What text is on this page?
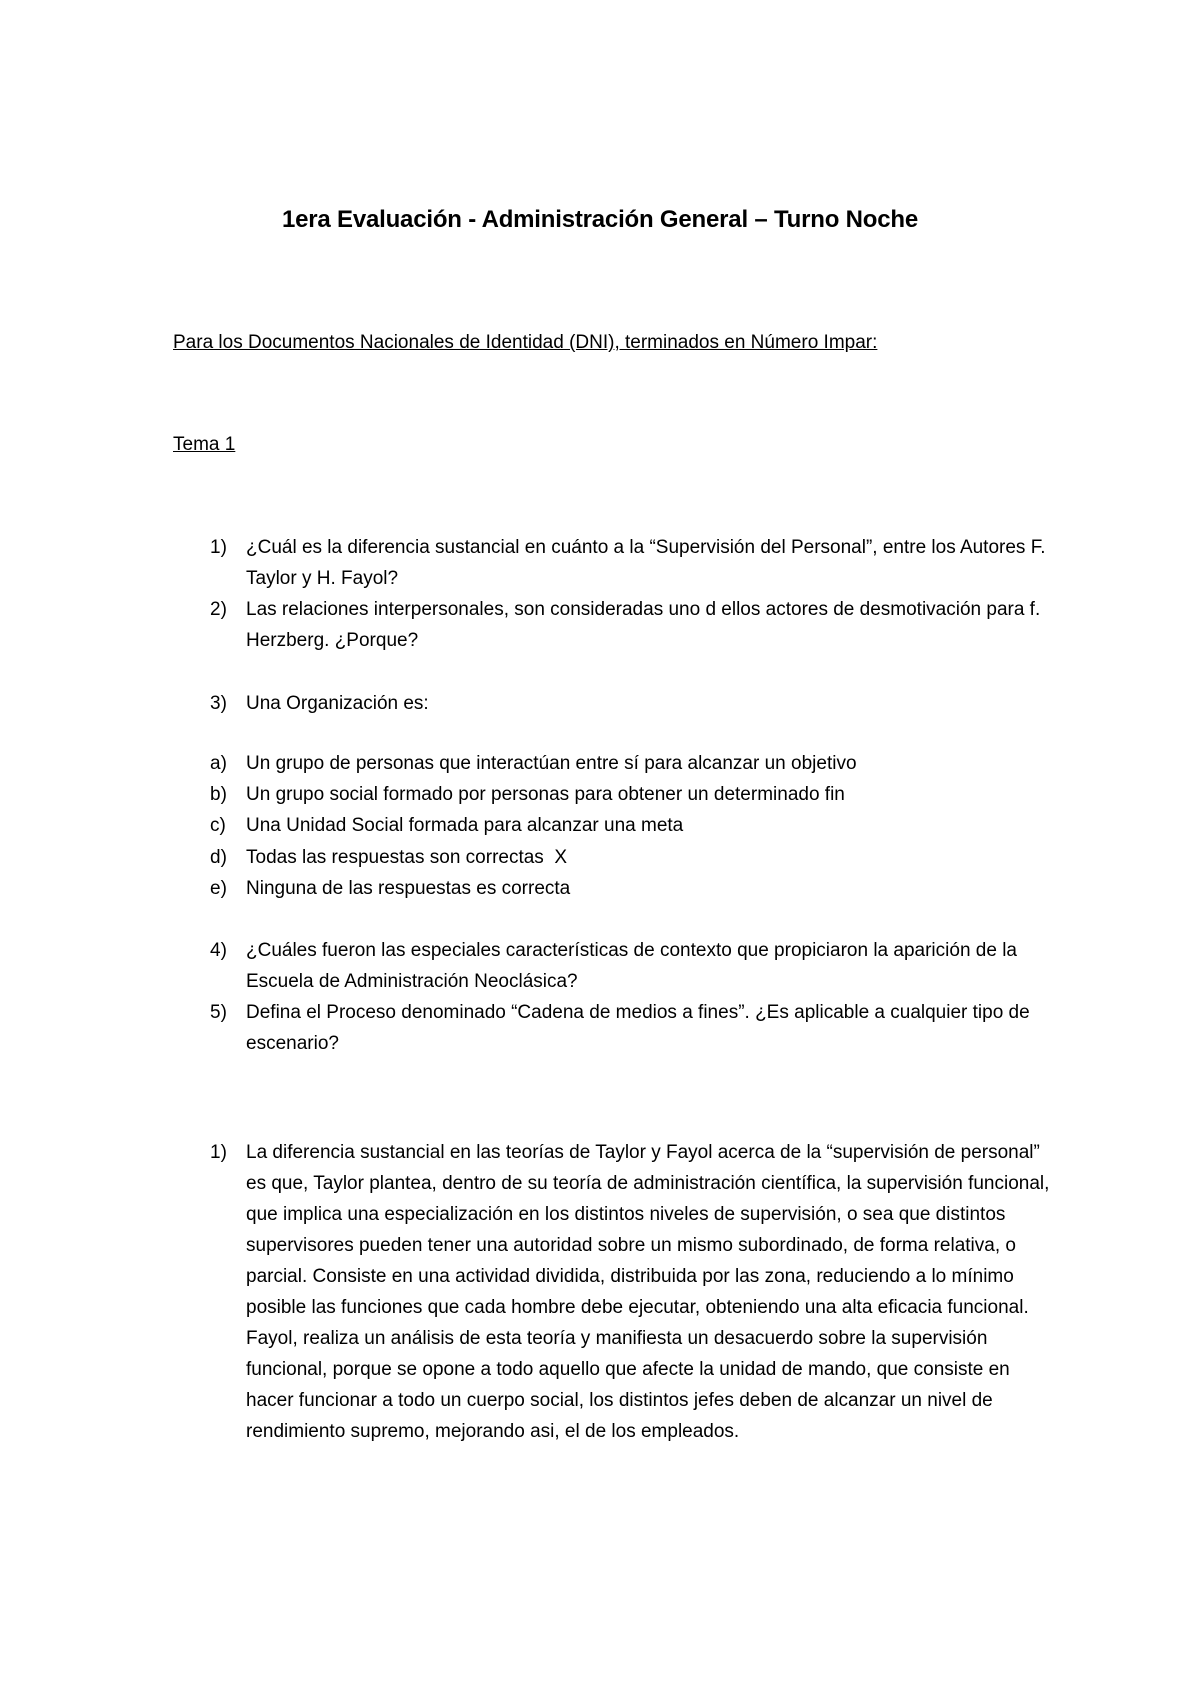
1era Evaluación - Administración General – Turno Noche
Para los Documentos Nacionales de Identidad (DNI), terminados en Número Impar:
Tema 1
1)	¿Cuál es la diferencia sustancial en cuánto a la “Supervisión del Personal”, entre los Autores F. Taylor y H. Fayol?
2)	Las relaciones interpersonales, son consideradas uno d ellos actores de desmotivación para f. Herzberg. ¿Porque?
3)	Una Organización es:
a)	Un grupo de personas que interactúan entre sí para alcanzar un objetivo
b)	Un grupo social formado por personas para obtener un determinado fin
c)	Una Unidad Social formada para alcanzar una meta
d)	Todas las respuestas son correctas  X
e)	Ninguna de las respuestas es correcta
4)	¿Cuáles fueron las especiales características de contexto que propiciaron la aparición de la Escuela de Administración Neoclásica?
5)	Defina el Proceso denominado “Cadena de medios a fines”. ¿Es aplicable a cualquier tipo de escenario?
1)	La diferencia sustancial en las teorías de Taylor y Fayol acerca de la “supervisión de personal” es que, Taylor plantea, dentro de su teoría de administración científica, la supervisión funcional, que implica una especialización en los distintos niveles de supervisión, o sea que distintos supervisores pueden tener una autoridad sobre un mismo subordinado, de forma relativa, o parcial. Consiste en una actividad dividida, distribuida por las zona, reduciendo a lo mínimo posible las funciones que cada hombre debe ejecutar, obteniendo una alta eficacia funcional. Fayol, realiza un análisis de esta teoría y manifiesta un desacuerdo sobre la supervisión funcional, porque se opone a todo aquello que afecte la unidad de mando, que consiste en hacer funcionar a todo un cuerpo social, los distintos jefes deben de alcanzar un nivel de rendimiento supremo, mejorando asi, el de los empleados.
